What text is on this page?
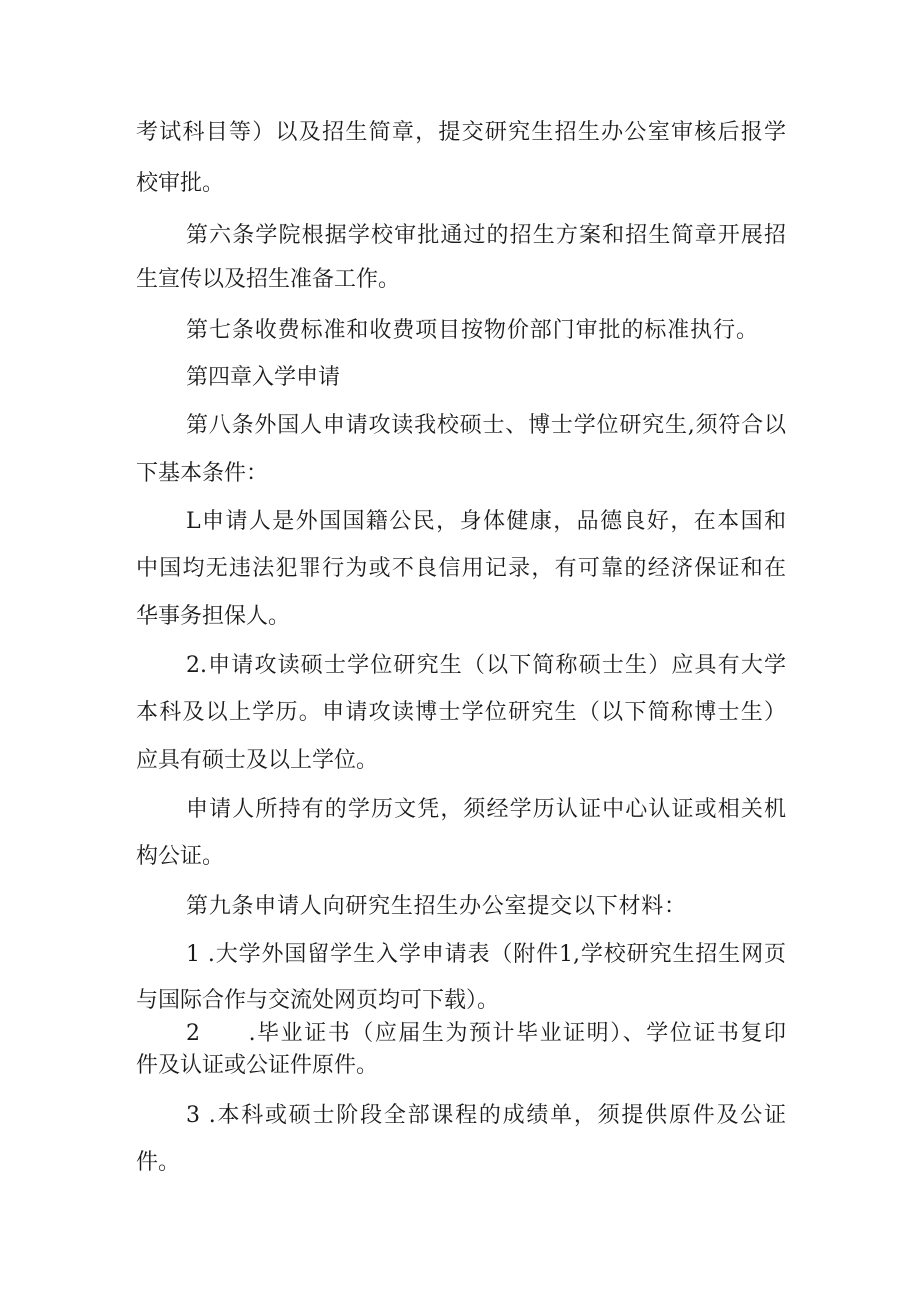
考试科目等）以及招生简章，提交研究生招生办公室审核后报学

校审批。

第六条学院根据学校审批通过的招生方案和招生简章开展招

生宣传以及招生准备工作。

第七条收费标准和收费项目按物价部门审批的标准执行。

第四章入学申请

第八条外国人申请攻读我校硕士、博士学位研究生,须符合以

下基本条件：

L申请人是外国国籍公民，身体健康，品德良好，在本国和

中国均无违法犯罪行为或不良信用记录，有可靠的经济保证和在

华事务担保人。

2.申请攻读硕士学位研究生（以下简称硕士生）应具有大学

本科及以上学历。申请攻读博士学位研究生（以下简称博士生）

应具有硕士及以上学位。

申请人所持有的学历文凭，须经学历认证中心认证或相关机

构公证。

第九条申请人向研究生招生办公室提交以下材料：

1 .大学外国留学生入学申请表（附件1,学校研究生招生网页

与国际合作与交流处网页均可下载）。

2　　.毕业证书（应届生为预计毕业证明）、学位证书复印

件及认证或公证件原件。

3 .本科或硕士阶段全部课程的成绩单，须提供原件及公证

件。
